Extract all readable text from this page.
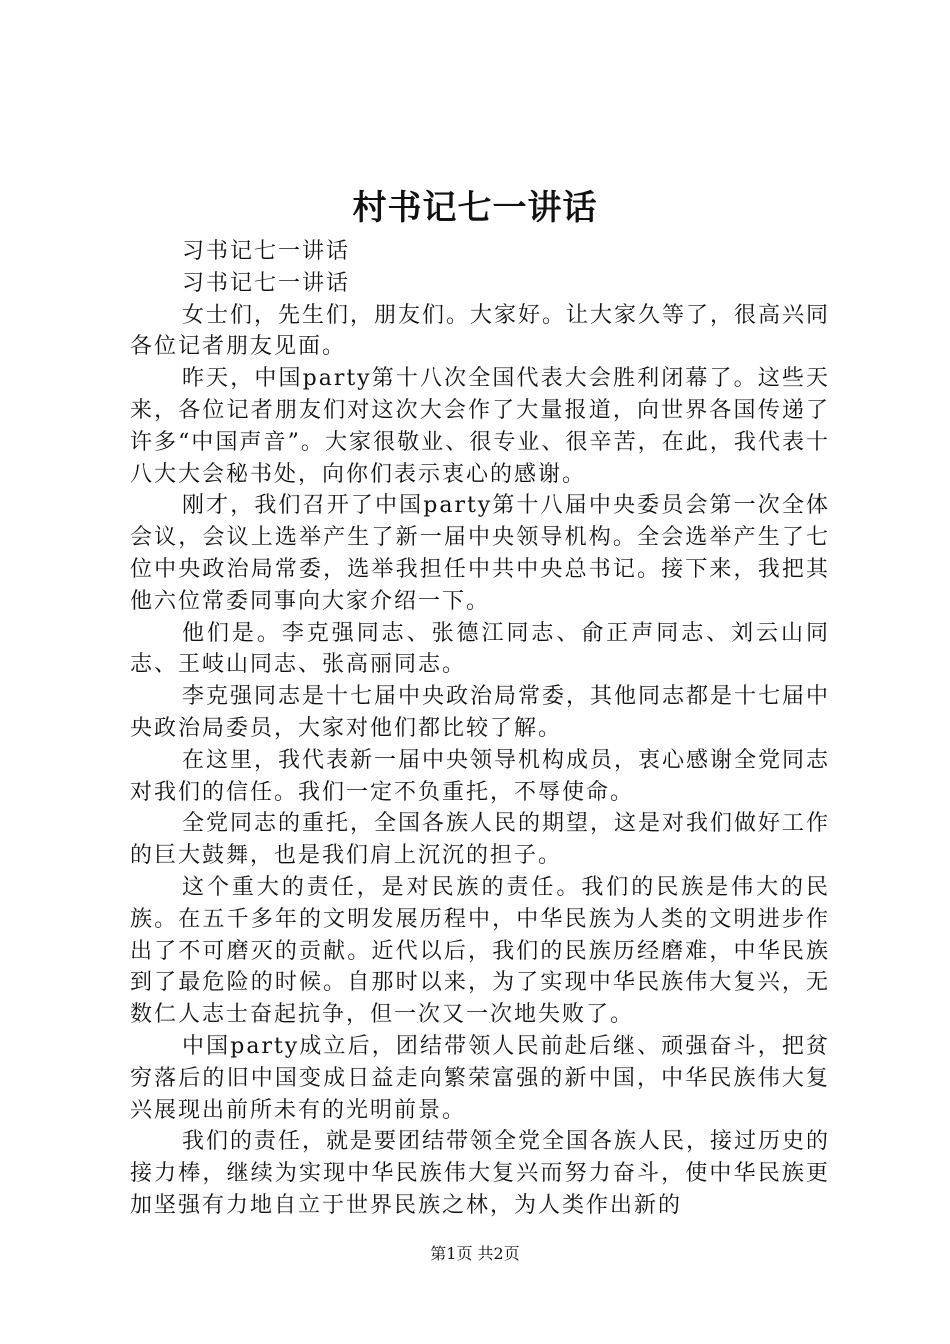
村书记七一讲话

习书记七一讲话

习书记七一讲话

女士们，先生们，朋友们。大家好。让大家久等了，很高兴同各位记者朋友见面。

昨天，中国party第十八次全国代表大会胜利闭幕了。这些天来，各位记者朋友们对这次大会作了大量报道，向世界各国传递了许多“中国声音”。大家很敬业、很专业、很辛苦，在此，我代表十八大大会秘书处，向你们表示衷心的感谢。

刚才，我们召开了中国party第十八届中央委员会第一次全体会议，会议上选举产生了新一届中央领导机构。全会选举产生了七位中央政治局常委，选举我担任中共中央总书记。接下来，我把其他六位常委同事向大家介绍一下。

他们是。李克强同志、张德江同志、俞正声同志、刘云山同志、王岐山同志、张高丽同志。

李克强同志是十七届中央政治局常委，其他同志都是十七届中央政治局委员，大家对他们都比较了解。

在这里，我代表新一届中央领导机构成员，衷心感谢全党同志对我们的信任。我们一定不负重托，不辱使命。

全党同志的重托，全国各族人民的期望，这是对我们做好工作的巨大鼓舞，也是我们肩上沉沉的担子。

这个重大的责任，是对民族的责任。我们的民族是伟大的民族。在五千多年的文明发展历程中，中华民族为人类的文明进步作出了不可磨灭的贡献。近代以后，我们的民族历经磨难，中华民族到了最危险的时候。自那时以来，为了实现中华民族伟大复兴，无数仁人志士奋起抗争，但一次又一次地失败了。

中国party成立后，团结带领人民前赴后继、顽强奋斗，把贫穷落后的旧中国变成日益走向繁荣富强的新中国，中华民族伟大复兴展现出前所未有的光明前景。

我们的责任，就是要团结带领全党全国各族人民，接过历史的接力棒，继续为实现中华民族伟大复兴而努力奋斗，使中华民族更加坚强有力地自立于世界民族之林，为人类作出新的

第1页 共2页
